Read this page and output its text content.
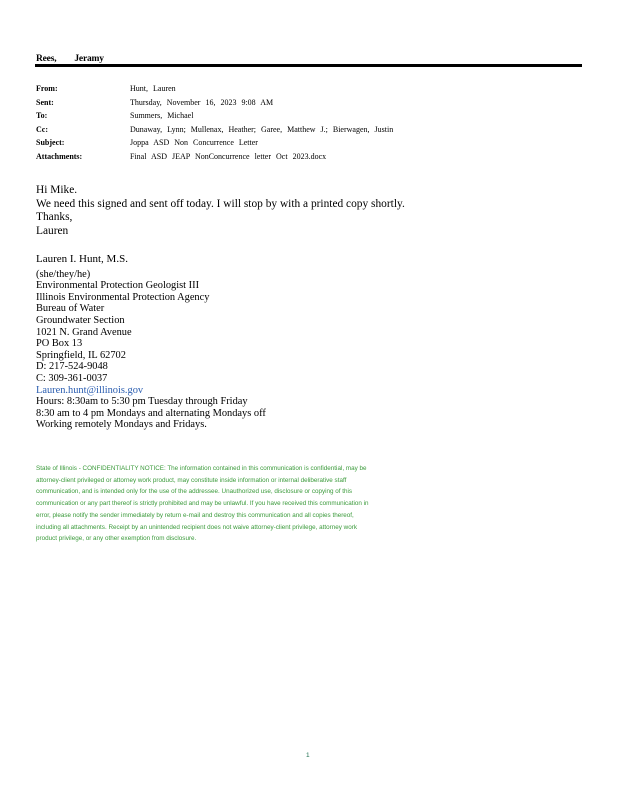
Rees, Jeramy
From:	Hunt, Lauren
Sent:	Thursday, November 16, 2023 9:08 AM
To:	Summers, Michael
Cc:	Dunaway, Lynn; Mullenax, Heather; Garee, Matthew J.; Bierwagen, Justin
Subject:	Joppa ASD Non Concurrence Letter
Attachments:	Final ASD JEAP NonConcurrence letter Oct 2023.docx
Hi Mike.
We need this signed and sent off today. I will stop by with a printed copy shortly.
Thanks,
Lauren
Lauren I. Hunt, M.S.
(she/they/he)
Environmental Protection Geologist III
Illinois Environmental Protection Agency
Bureau of Water
Groundwater Section
1021 N. Grand Avenue
PO Box 13
Springfield, IL 62702
D: 217-524-9048
C: 309-361-0037
Lauren.hunt@illinois.gov
Hours: 8:30am to 5:30 pm Tuesday through Friday
8:30 am to 4 pm Mondays and alternating Mondays off
Working remotely Mondays and Fridays.

State of Illinois - CONFIDENTIALITY NOTICE: The information contained in this communication is confidential, may be

attorney-client privileged or attorney work product, may constitute inside information or internal deliberative staff

communication, and is intended only for the use of the addressee. Unauthorized use, disclosure or copying of this

communication or any part thereof is strictly prohibited and may be unlawful. If you have received this communication in

error, please notify the sender immediately by return e-mail and destroy this communication and all copies thereof,

including all attachments. Receipt by an unintended recipient does not waive attorney-client privilege, attorney work

product privilege, or any other exemption from disclosure.

1
